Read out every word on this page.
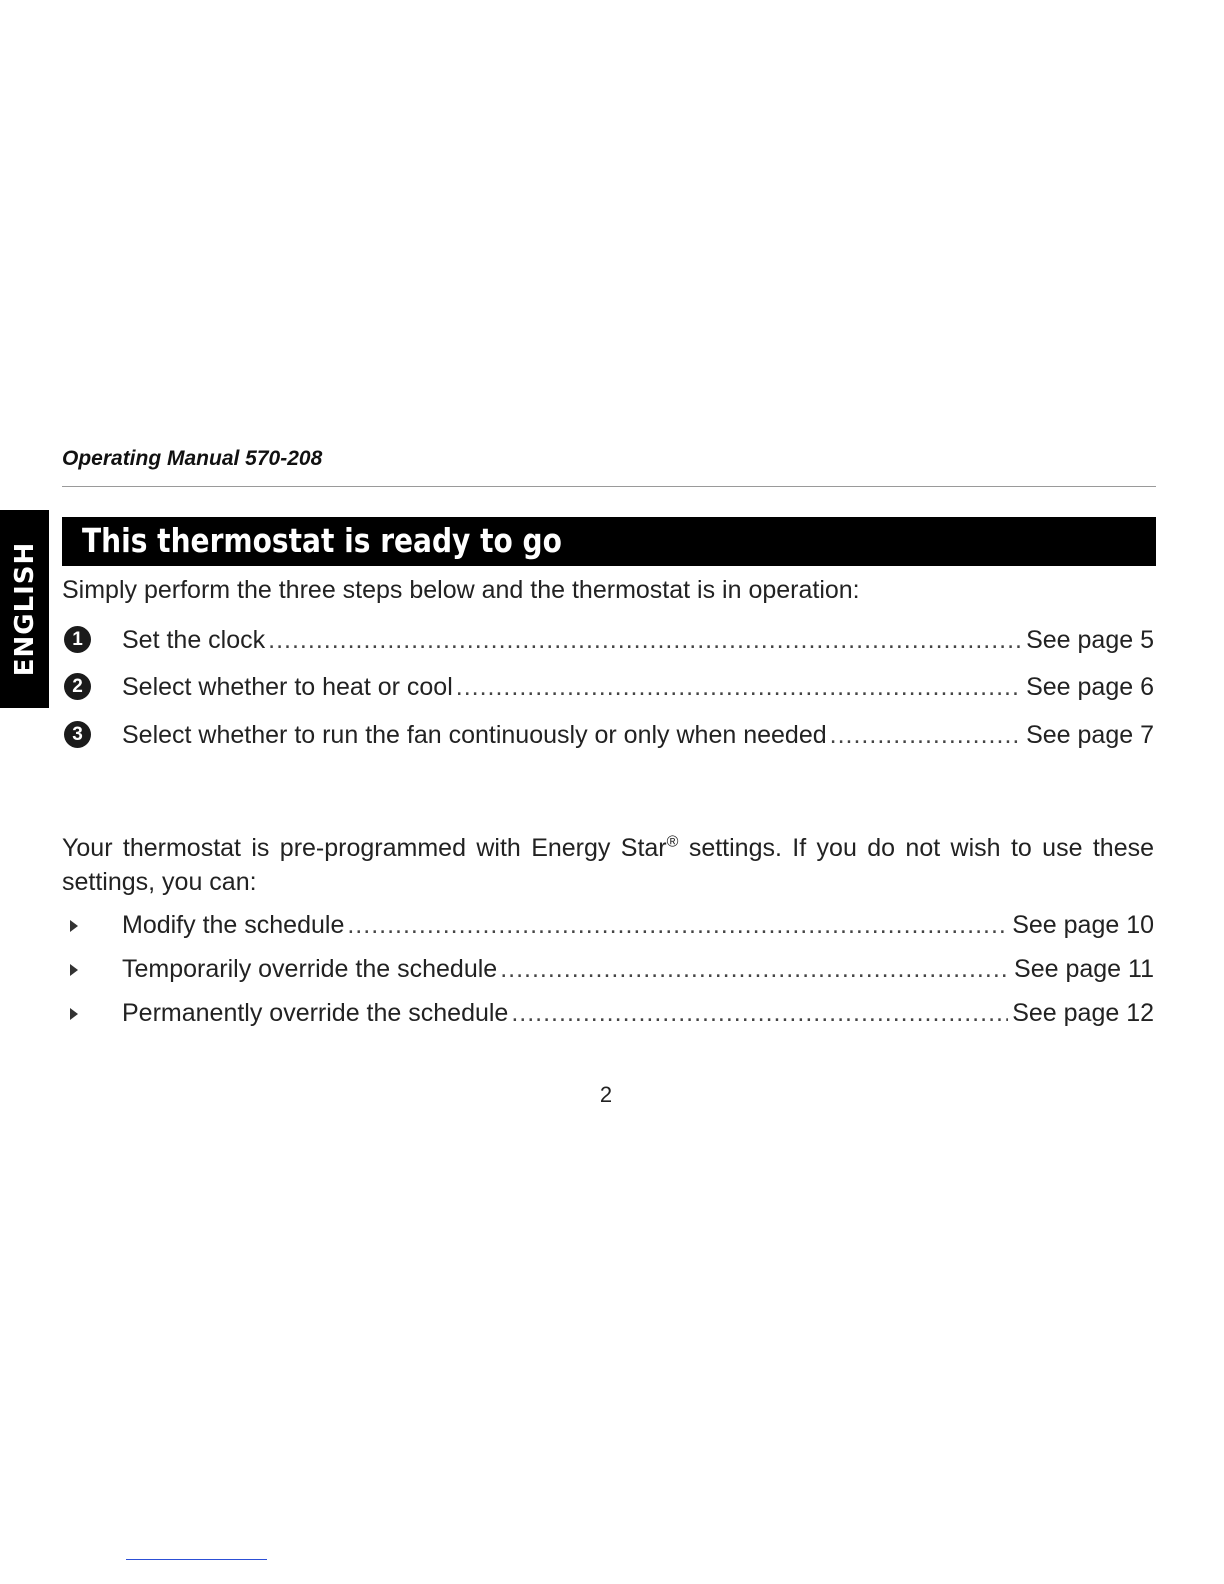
Operating Manual 570-208
ENGLISH
This thermostat is ready to go
Simply perform the three steps below and the thermostat is in operation:
1	Set the clock .....	See page 5
2	Select whether to heat or cool .....	See page 6
3	Select whether to run the fan continuously or only when needed .....	See page 7
Your thermostat is pre-programmed with Energy Star® settings. If you do not wish to use these settings, you can:
Modify the schedule .....	See page 10
Temporarily override the schedule .....	See page 11
Permanently override the schedule .....	See page 12
2
